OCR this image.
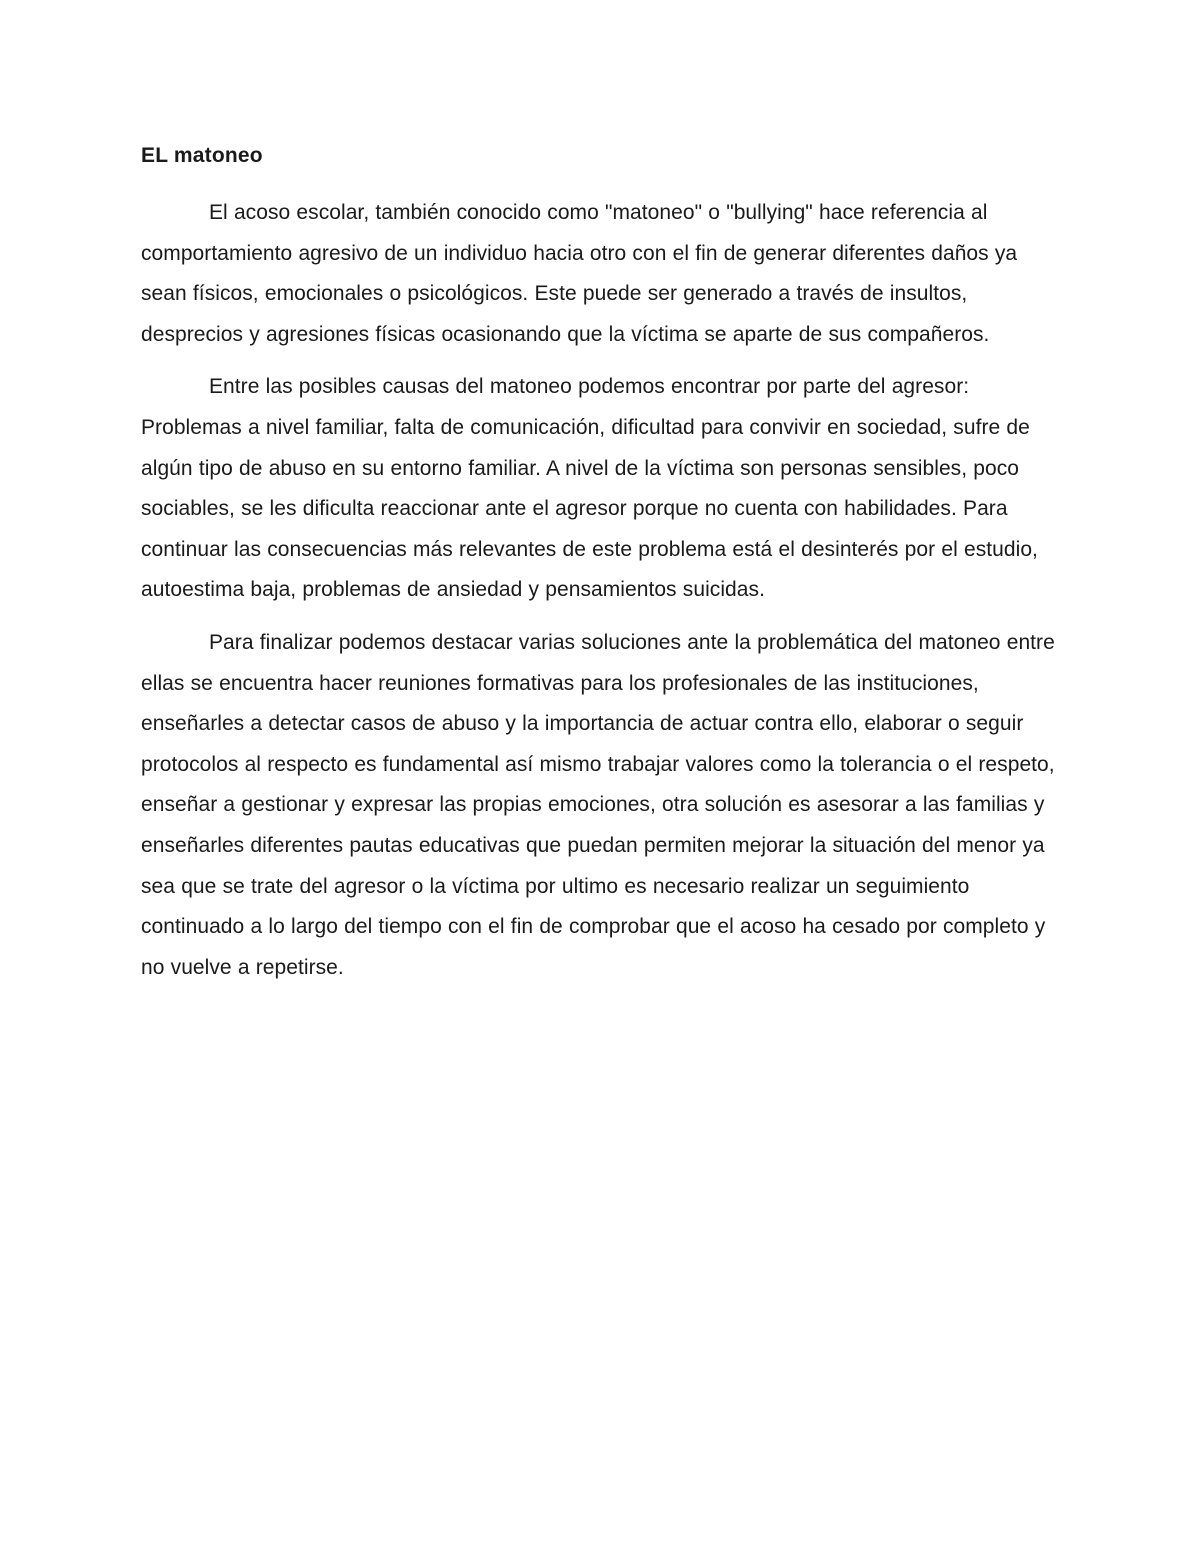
EL matoneo

El acoso escolar, también conocido como "matoneo" o "bullying" hace referencia al comportamiento agresivo de un individuo hacia otro con el fin de generar diferentes daños ya sean físicos, emocionales o psicológicos. Este puede ser generado a través de insultos, desprecios y agresiones físicas ocasionando que la víctima se aparte de sus compañeros.

Entre las posibles causas del matoneo podemos encontrar por parte del agresor: Problemas a nivel familiar, falta de comunicación, dificultad para convivir en sociedad, sufre de algún tipo de abuso en su entorno familiar. A nivel de la víctima son personas sensibles, poco sociables, se les dificulta reaccionar ante el agresor porque no cuenta con habilidades. Para continuar las consecuencias más relevantes de este problema está el desinterés por el estudio, autoestima baja, problemas de ansiedad y pensamientos suicidas.

Para finalizar podemos destacar varias soluciones ante la problemática del matoneo entre ellas se encuentra hacer reuniones formativas para los profesionales de las instituciones, enseñarles a detectar casos de abuso y la importancia de actuar contra ello, elaborar o seguir protocolos al respecto es fundamental así mismo trabajar valores como la tolerancia o el respeto, enseñar a gestionar y expresar las propias emociones, otra solución es asesorar a las familias y enseñarles diferentes pautas educativas que puedan permiten mejorar la situación del menor ya sea que se trate del agresor o la víctima por ultimo es necesario realizar un seguimiento continuado a lo largo del tiempo con el fin de comprobar que el acoso ha cesado por completo y no vuelve a repetirse.
